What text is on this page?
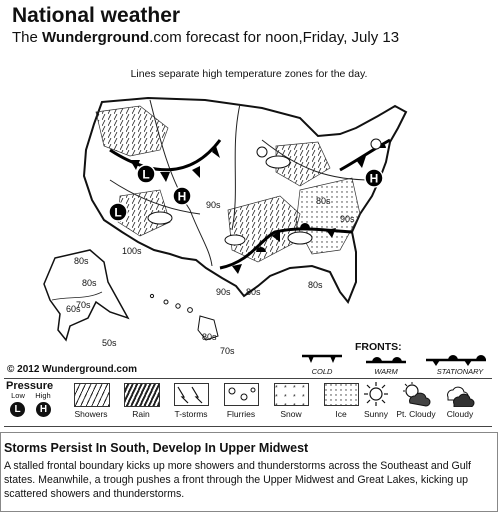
National weather
The Wunderground.com forecast for noon,Friday, July 13
Lines separate high temperature zones for the day.
L
L
H
H
90s
100s
80s
80s
90s
80s
90s
80s
80s
70s
60s
50s
80s
70s
© 2012 Wunderground.com
FRONTS:
COLD	WARM	STATIONARY
Pressure
Low	High
L	H	Showers	Rain	T-storms	Flurries	Snow	Ice	Sunny Pt. Cloudy	Cloudy
Storms Persist In South, Develop In Upper Midwest
A stalled frontal boundary kicks up more showers and thunderstorms across the Southeast and Gulf states. Meanwhile, a trough pushes a front through the Upper Midwest and Great Lakes, kicking up scattered showers and thunderstorms.
